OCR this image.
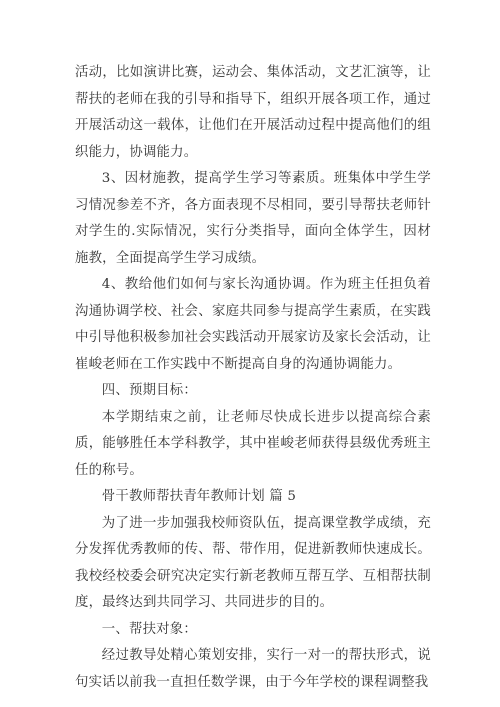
活动，比如演讲比赛，运动会、集体活动，文艺汇演等，让帮扶的老师在我的引导和指导下，组织开展各项工作，通过开展活动这一载体，让他们在开展活动过程中提高他们的组织能力，协调能力。

3、因材施教，提高学生学习等素质。班集体中学生学习情况参差不齐，各方面表现不尽相同，要引导帮扶老师针对学生的.实际情况，实行分类指导，面向全体学生，因材施教，全面提高学生学习成绩。

4、教给他们如何与家长沟通协调。作为班主任担负着沟通协调学校、社会、家庭共同参与提高学生素质，在实践中引导他积极参加社会实践活动开展家访及家长会活动，让崔峻老师在工作实践中不断提高自身的沟通协调能力。

四、预期目标：

本学期结束之前，让老师尽快成长进步以提高综合素质，能够胜任本学科教学，其中崔峻老师获得县级优秀班主任的称号。

骨干教师帮扶青年教师计划 篇 5

为了进一步加强我校师资队伍，提高课堂教学成绩，充分发挥优秀教师的传、帮、带作用，促进新教师快速成长。我校经校委会研究决定实行新老教师互帮互学、互相帮扶制度，最终达到共同学习、共同进步的目的。

一、帮扶对象：

经过教导处精心策划安排，实行一对一的帮扶形式，说句实话以前我一直担任数学课，由于今年学校的课程调整我
